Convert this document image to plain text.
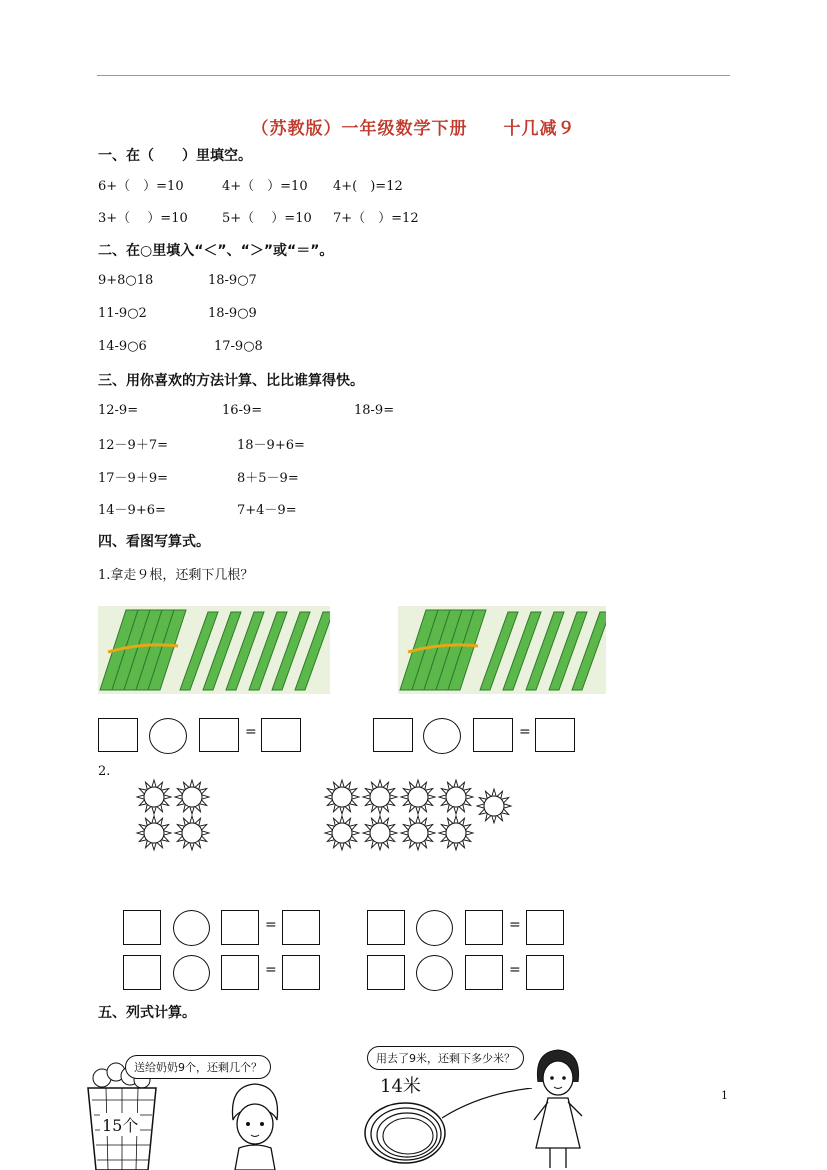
（苏教版）一年级数学下册　　十几减９
一、在（　　）里填空。
6+（　）=10	4+（　）=10 4+(　)=12
3+（　 ）=10	5+（　 ）=10 7+（　）=12
二、在○里填入“＜”、“＞”或“＝”。
9+8○18	18-9○7
11-9○2	18-9○9
14-9○6	17-9○8
三、用你喜欢的方法计算、比比谁算得快。
12-9=	16-9=	18-9=
12－9＋7=	18－9+6=
17－9＋9=	8＋5－9=
14－9+6=	7+4－9=
四、看图写算式。
1.拿走９根，还剩下几根？
=	=
2.
=	=
=	=
五、列式计算。
15个
送给奶奶9个，还剩几个？
用去了9米，还剩下多少米？
14米	1
